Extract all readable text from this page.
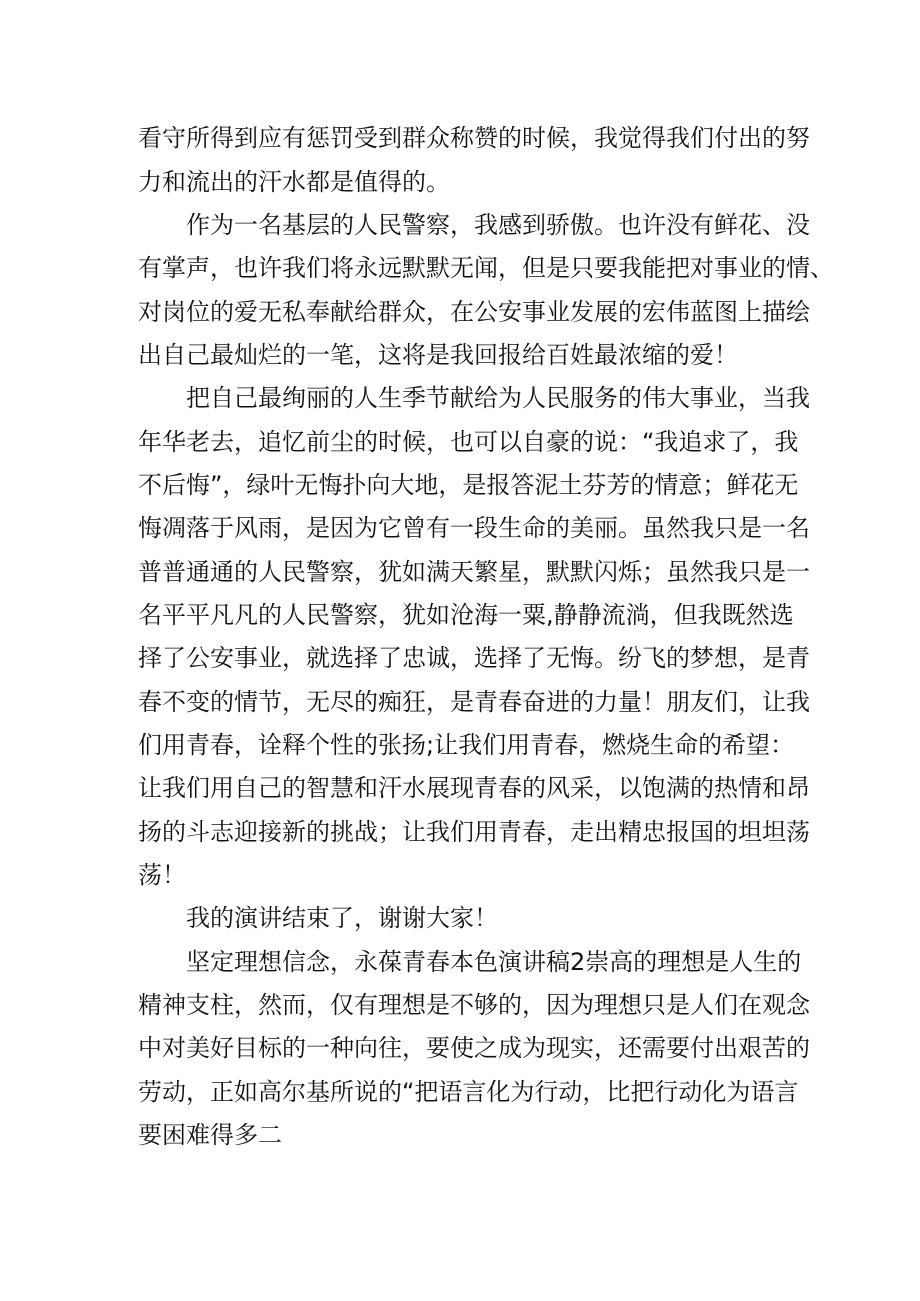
看守所得到应有惩罚受到群众称赞的时候，我觉得我们付出的努
力和流出的汗水都是值得的。
作为一名基层的人民警察，我感到骄傲。也许没有鲜花、没
有掌声，也许我们将永远默默无闻，但是只要我能把对事业的情、
对岗位的爱无私奉献给群众，在公安事业发展的宏伟蓝图上描绘
出自己最灿烂的一笔，这将是我回报给百姓最浓缩的爱！
把自己最绚丽的人生季节献给为人民服务的伟大事业，当我
年华老去，追忆前尘的时候，也可以自豪的说：“我追求了，我
不后悔”，绿叶无悔扑向大地，是报答泥土芬芳的情意；鲜花无
悔凋落于风雨，是因为它曾有一段生命的美丽。虽然我只是一名
普普通通的人民警察，犹如满天繁星，默默闪烁；虽然我只是一
名平平凡凡的人民警察，犹如沧海一粟,静静流淌，但我既然选
择了公安事业，就选择了忠诚，选择了无悔。纷飞的梦想，是青
春不变的情节，无尽的痴狂，是青春奋进的力量！朋友们，让我
们用青春，诠释个性的张扬;让我们用青春，燃烧生命的希望：
让我们用自己的智慧和汗水展现青春的风采，以饱满的热情和昂
扬的斗志迎接新的挑战；让我们用青春，走出精忠报国的坦坦荡
荡！
我的演讲结束了，谢谢大家！
坚定理想信念，永葆青春本色演讲稿2崇高的理想是人生的
精神支柱，然而，仅有理想是不够的，因为理想只是人们在观念
中对美好目标的一种向往，要使之成为现实，还需要付出艰苦的
劳动，正如高尔基所说的“把语言化为行动，比把行动化为语言
要困难得多二
